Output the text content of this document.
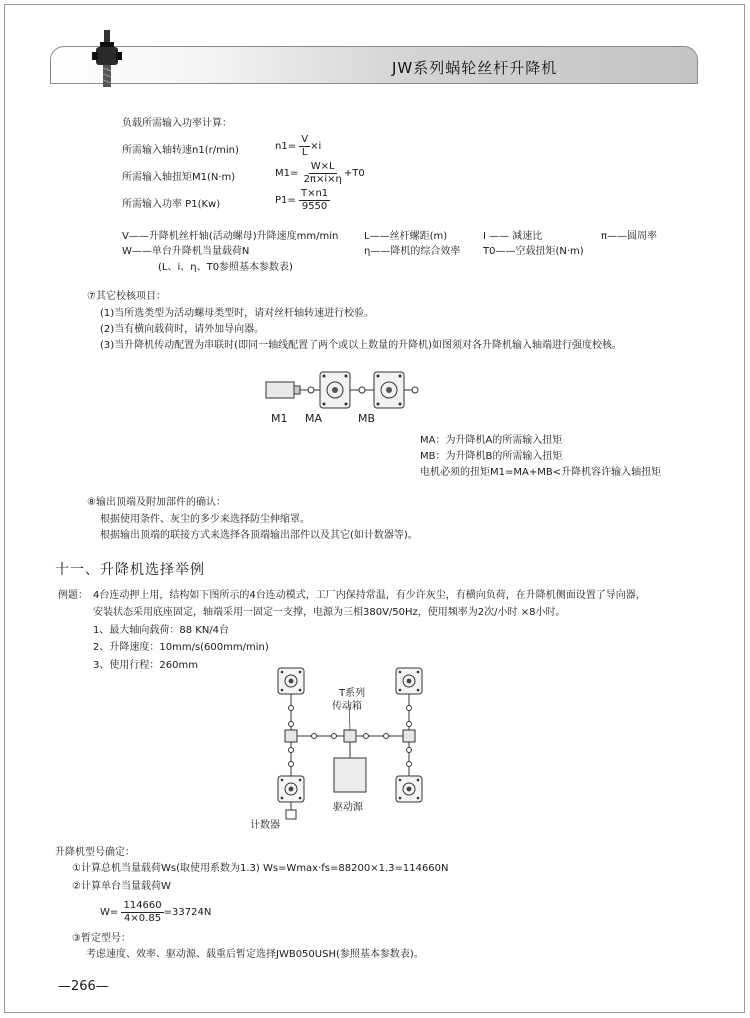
JW系列蜗轮丝杆升降机
负载所需输入功率计算：
所需输入轴转速n1(r/min)	$n1= \frac{V}{L} \times i$
所需输入轴扭矩M1(N·m)	$M1= \frac{W\times L}{2\pi\times i\times\eta} +T0$
所需输入功率 P1(Kw)	$P1= \frac{T\times n1}{9550}$
V——升降机丝杆轴(活动螺母)升降速度mm/min	L——丝杆螺距(m)	I —— 减速比	π——圆周率
W——单台升降机当量载荷N	η——降机的综合效率 T0——空载扭矩(N·m)
(L、i、η、T0参照基本参数表)
⑦其它校核项目：
(1)当所选类型为活动螺母类型时，请对丝杆轴转速进行校验。
(2)当有横向载荷时，请外加导向器。
(3)当升降机传动配置为串联时(即同一轴线配置了两个或以上数量的升降机)如图须对各升降机输入轴端进行强度校核。
M1 MA	MB
MA：为升降机A的所需输入扭矩
MB：为升降机B的所需输入扭矩
电机必须的扭矩M1=MA+MB<升降机容许输入轴扭矩
⑧输出顶端及附加部件的确认：
根据使用条件、灰尘的多少来选择防尘伸缩罩。
根据输出顶端的联接方式来选择各顶端输出部件以及其它(如计数器等)。
十一、升降机选择举例
例题： 4台连动押上用，结构如下图所示的4台连动模式，工厂内保持常温，有少许灰尘，有横向负荷，在升降机侧面设置了导向器，
安装状态采用底座固定，轴端采用一固定一支撑，电源为三相380V/50Hz，使用频率为2次/小时 ×8小时。
1、最大轴向载荷：88 KN/4台
2、升降速度：10mm/s(600mm/min)
3、使用行程：260mm
T系列
传动箱
驱动源
计数器
升降机型号确定：
①计算总机当量载荷Ws(取使用系数为1.3) Ws=Wmax·fs=88200×1.3=114660N
②计算单台当量载荷W
$W= \frac{114660}{4\times 0.85} =33724N$
③暂定型号：
考虑速度、效率、驱动源、载重后暂定选择JWB050USH(参照基本参数表)。
—266—
